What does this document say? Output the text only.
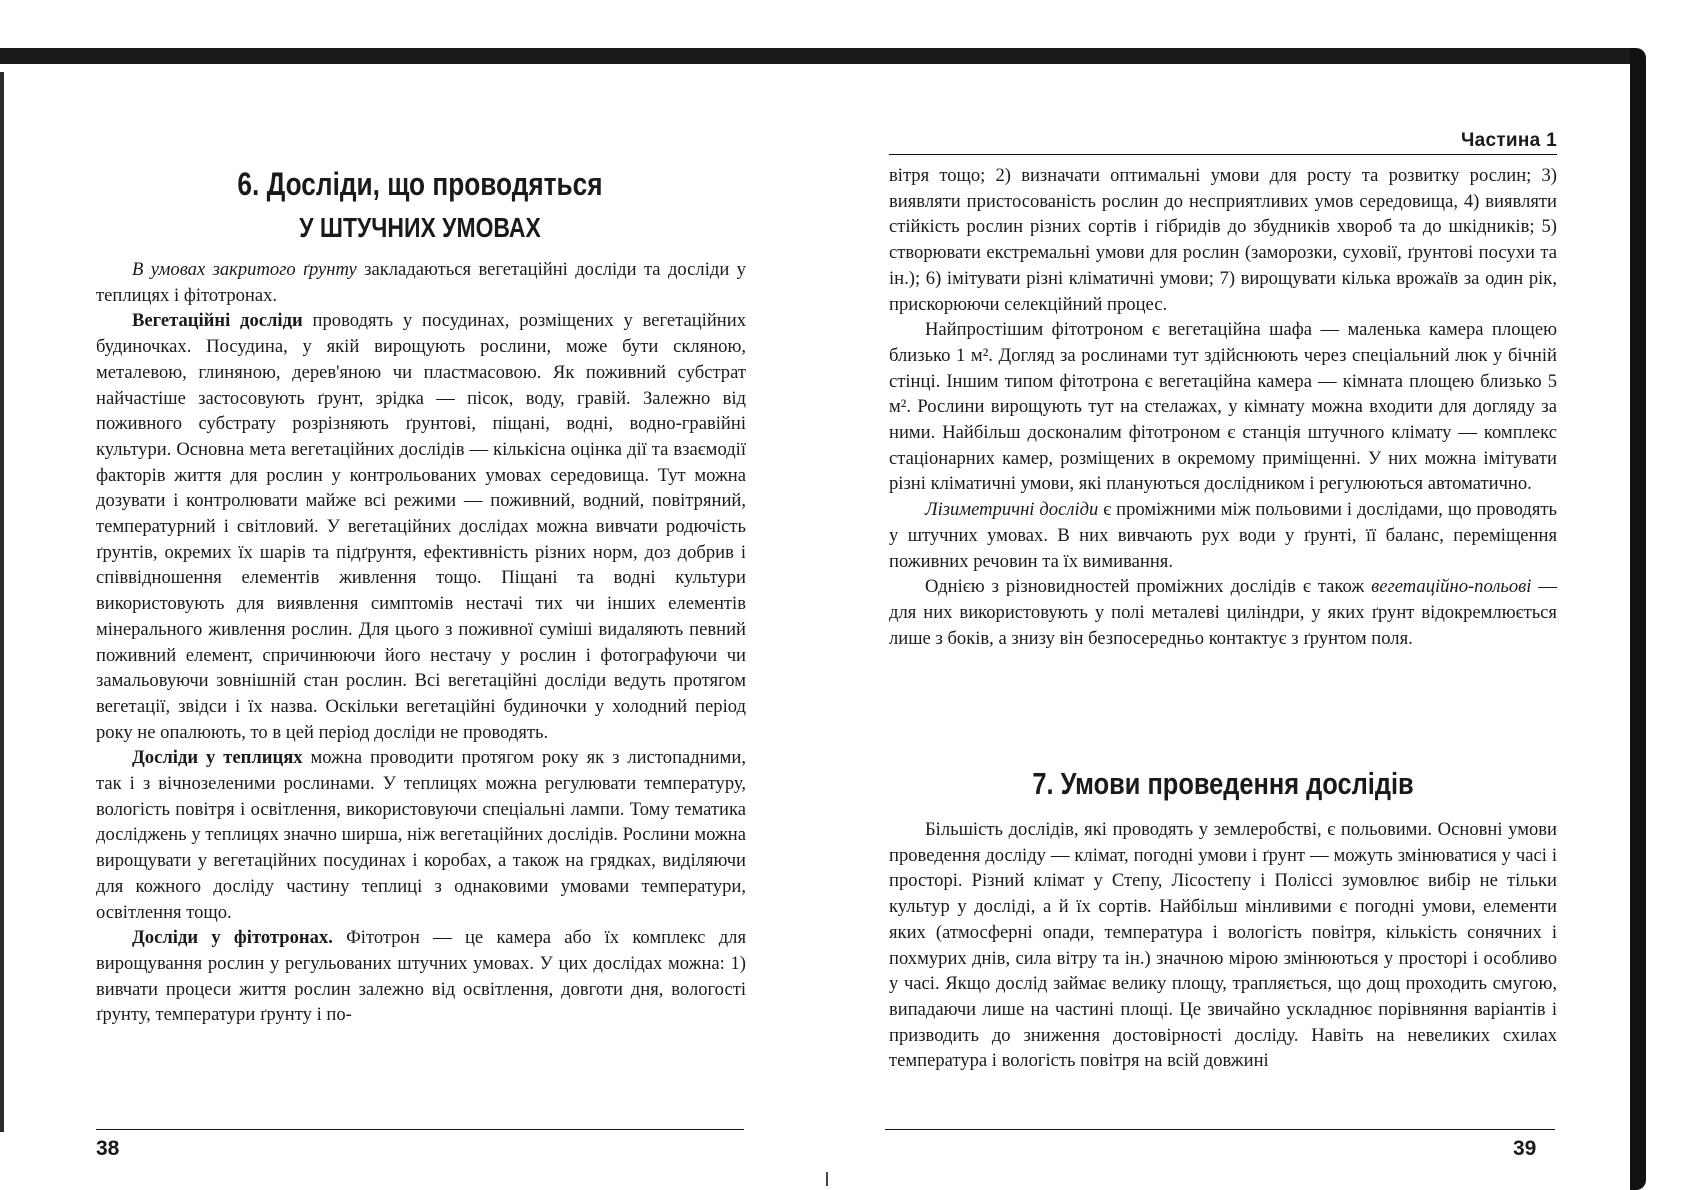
Частина 1
6. Досліди, що проводяться
У ШТУЧНИХ УМОВАХ

В умовах закритого ґрунту закладаються вегетаційні досліди та досліди у теплицях і фітотронах.

Вегетаційні досліди проводять у посудинах, розміщених у вегетаційних будиночках. Посудина, у якій вирощують рослини, може бути скляною, металевою, глиняною, дерев'яною чи пластмасовою. Як поживний субстрат найчастіше застосовують ґрунт, зрідка — пісок, воду, гравій. Залежно від поживного субстрату розрізняють ґрунтові, піщані, водні, водно-гравійні культури. Основна мета вегетаційних дослідів — кількісна оцінка дії та взаємодії факторів життя для рослин у контрольованих умовах середовища. Тут можна дозувати і контролювати майже всі режими — поживний, водний, повітряний, температурний і світловий. У вегетаційних дослідах можна вивчати родючість ґрунтів, окремих їх шарів та підґрунтя, ефективність різних норм, доз добрив і співвідношення елементів живлення тощо. Піщані та водні культури використовують для виявлення симптомів нестачі тих чи інших елементів мінерального живлення рослин. Для цього з поживної суміші видаляють певний поживний елемент, спричинюючи його нестачу у рослин і фотографуючи чи замальовуючи зовнішній стан рослин. Всі вегетаційні досліди ведуть протягом вегетації, звідси і їх назва. Оскільки вегетаційні будиночки у холодний період року не опалюють, то в цей період досліди не проводять.

Досліди у теплицях можна проводити протягом року як з листопадними, так і з вічнозеленими рослинами. У теплицях можна регулювати температуру, вологість повітря і освітлення, використовуючи спеціальні лампи. Тому тематика досліджень у теплицях значно ширша, ніж вегетаційних дослідів. Рослини можна вирощувати у вегетаційних посудинах і коробах, а також на грядках, виділяючи для кожного досліду частину теплиці з однаковими умовами температури, освітлення тощо.

Досліди у фітотронах. Фітотрон — це камера або їх комплекс для вирощування рослин у регульованих штучних умовах. У цих дослідах можна: 1) вивчати процеси життя рослин залежно від освітлення, довготи дня, вологості ґрунту, температури ґрунту і по-

вітря тощо; 2) визначати оптимальні умови для росту та розвитку рослин; 3) виявляти пристосованість рослин до несприятливих умов середовища, 4) виявляти стійкість рослин різних сортів і гібридів до збудників хвороб та до шкідників; 5) створювати екстремальні умови для рослин (заморозки, суховії, ґрунтові посухи та ін.); 6) імітувати різні кліматичні умови; 7) вирощувати кілька врожаїв за один рік, прискорюючи селекційний процес.

Найпростішим фітотроном є вегетаційна шафа — маленька камера площею близько 1 м². Догляд за рослинами тут здійснюють через спеціальний люк у бічній стінці. Іншим типом фітотрона є вегетаційна камера — кімната площею близько 5 м². Рослини вирощують тут на стелажах, у кімнату можна входити для догляду за ними. Найбільш досконалим фітотроном є станція штучного клімату — комплекс стаціонарних камер, розміщених в окремому приміщенні. У них можна імітувати різні кліматичні умови, які плануються дослідником і регулюються автоматично.

Лізиметричні досліди є проміжними між польовими і дослідами, що проводять у штучних умовах. В них вивчають рух води у ґрунті, її баланс, переміщення поживних речовин та їх вимивання.

Однією з різновидностей проміжних дослідів є також вегетаційно-польові — для них використовують у полі металеві циліндри, у яких ґрунт відокремлюється лише з боків, а знизу він безпосередньо контактує з ґрунтом поля.

7. Умови проведення дослідів

Більшість дослідів, які проводять у землеробстві, є польовими. Основні умови проведення досліду — клімат, погодні умови і ґрунт — можуть змінюватися у часі і просторі. Різний клімат у Степу, Лісостепу і Поліссі зумовлює вибір не тільки культур у досліді, а й їх сортів. Найбільш мінливими є погодні умови, елементи яких (атмосферні опади, температура і вологість повітря, кількість сонячних і похмурих днів, сила вітру та ін.) значною мірою змінюються у просторі і особливо у часі. Якщо дослід займає велику площу, трапляється, що дощ проходить смугою, випадаючи лише на частині площі. Це звичайно ускладнює порівняння варіантів і призводить до зниження достовірності досліду. Навіть на невеликих схилах температура і вологість повітря на всій довжині

38	39
